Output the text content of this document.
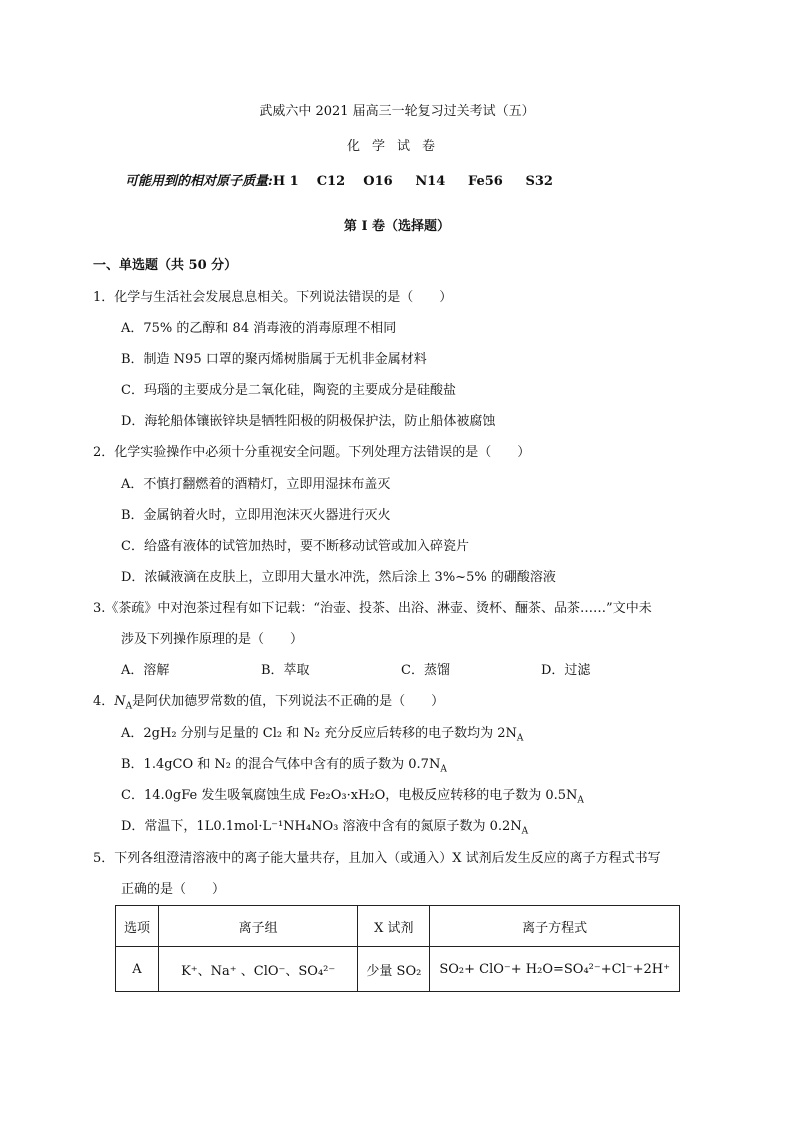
武威六中 2021 届高三一轮复习过关考试（五）
化学试卷
可能用到的相对原子质量:H 1    C12    O16     N14     Fe56     S32
第 I 卷（选择题）
一、单选题（共 50 分）
1．化学与生活社会发展息息相关。下列说法错误的是（　　）
A．75% 的乙醇和 84 消毒液的消毒原理不相同
B．制造 N95 口罩的聚丙烯树脂属于无机非金属材料
C．玛瑙的主要成分是二氧化硅，陶瓷的主要成分是硅酸盐
D．海轮船体镶嵌锌块是牺牲阳极的阴极保护法，防止船体被腐蚀
2．化学实验操作中必须十分重视安全问题。下列处理方法错误的是（　　）
A．不慎打翻燃着的酒精灯，立即用湿抹布盖灭
B．金属钠着火时，立即用泡沫灭火器进行灭火
C．给盛有液体的试管加热时，要不断移动试管或加入碎瓷片
D．浓碱液滴在皮肤上，立即用大量水冲洗，然后涂上 3%~5% 的硼酸溶液
3.《茶疏》中对泡茶过程有如下记载：“治壶、投茶、出浴、淋壶、烫杯、酾茶、品茶……”文中未
涉及下列操作原理的是（　　）
A．溶解	B．萃取	C．蒸馏	D．过滤
4．$N_A$是阿伏加德罗常数的值，下列说法不正确的是（　　）
A．2gH₂ 分别与足量的 Cl₂ 和 N₂ 充分反应后转移的电子数均为 $2N_A$
B．1.4gCO 和 N₂ 的混合气体中含有的质子数为 $0.7N_A$
C．14.0gFe 发生吸氧腐蚀生成 Fe₂O₃·xH₂O，电极反应转移的电子数为 $0.5N_A$
D．常温下，1L0.1mol·L⁻¹NH₄NO₃ 溶液中含有的氮原子数为 $0.2N_A$
5．下列各组澄清溶液中的离子能大量共存，且加入（或通入）X 试剂后发生反应的离子方程式书写
正确的是（　　）
选项	离子组	X 试剂	离子方程式
A	K⁺、Na⁺ 、ClO⁻、SO₄²⁻	少量 SO₂	SO₂+ ClO⁻+ H₂O=SO₄²⁻+Cl⁻+2H⁺
